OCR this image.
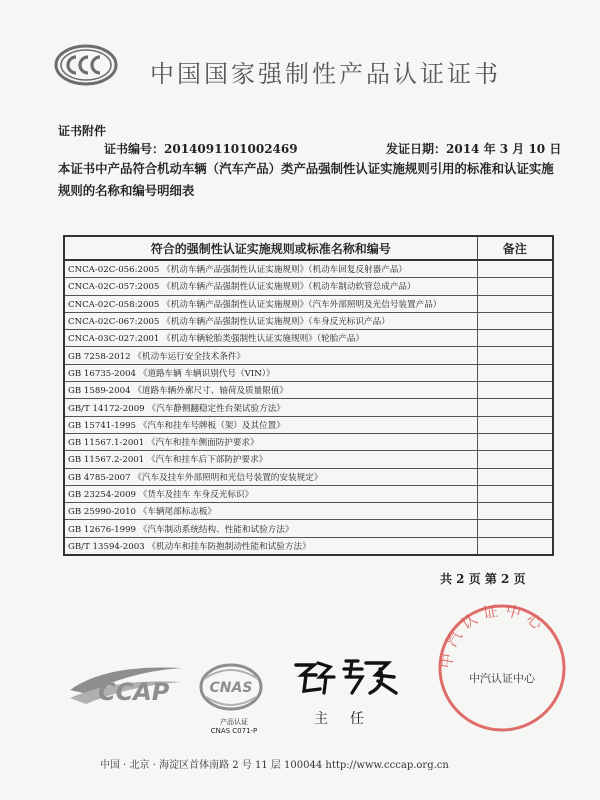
中国国家强制性产品认证证书
证书附件
证书编号：2014091101002469	发证日期：2014 年 3 月 10 日
本证书中产品符合机动车辆（汽车产品）类产品强制性认证实施规则引用的标准和认证实施规则的名称和编号明细表
符合的强制性认证实施规则或标准名称和编号	备注
CNCA-02C-056:2005 《机动车辆产品强制性认证实施规则》（机动车回复反射器产品）	
CNCA-02C-057:2005 《机动车辆产品强制性认证实施规则》（机动车制动软管总成产品）	
CNCA-02C-058:2005 《机动车辆产品强制性认证实施规则》（汽车外部照明及光信号装置产品）	
CNCA-02C-067:2005 《机动车辆产品强制性认证实施规则》（车身反光标识产品）	
CNCA-03C-027:2001 《机动车辆轮胎类强制性认证实施规则》（轮胎产品）	
GB 7258-2012 《机动车运行安全技术条件》	
GB 16735-2004 《道路车辆 车辆识别代号（VIN）》	
GB 1589-2004 《道路车辆外廓尺寸、轴荷及质量限值》	
GB/T 14172-2009 《汽车静侧翻稳定性台架试验方法》	
GB 15741-1995 《汽车和挂车号牌板（架）及其位置》	
GB 11567.1-2001 《汽车和挂车侧面防护要求》	
GB 11567.2-2001 《汽车和挂车后下部防护要求》	
GB 4785-2007 《汽车及挂车外部照明和光信号装置的安装规定》	
GB 23254-2009 《货车及挂车 车身反光标识》	
GB 25990-2010 《车辆尾部标志板》	
GB 12676-1999 《汽车制动系统结构、性能和试验方法》	
GB/T 13594-2003 《机动车和挂车防抱制动性能和试验方法》	
共 2 页 第 2 页
CCAP	CNAS
产品认证
CNAS C071-P
主任
中汽认证中心
中汽认证中心
中国 · 北京 · 海淀区首体南路 2 号 11 层 100044 http://www.cccap.org.cn
